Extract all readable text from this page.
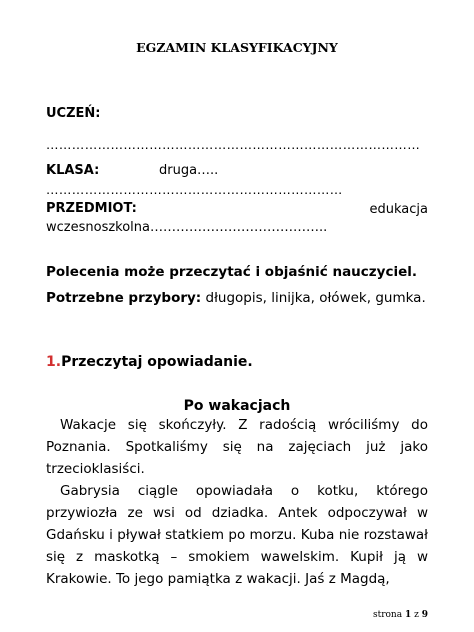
EGZAMIN KLASYFIKACYJNY
UCZEŃ:
……………………………………………………………………………
KLASA:	druga…..
……………………………………………………………
PRZEDMIOT:	edukacja
wczesnoszkolna…………………………………..
Polecenia może przeczytać i objaśnić nauczyciel.
Potrzebne przybory: długopis, linijka, ołówek, gumka.
1.Przeczytaj opowiadanie.
Po wakacjach
Wakacje się skończyły. Z radością wróciliśmy do Poznania. Spotkaliśmy się na zajęciach już jako trzecioklasiści.
Gabrysia ciągle opowiadała o kotku, którego przywiozła ze wsi od dziadka. Antek odpoczywał w Gdańsku i pływał statkiem po morzu. Kuba nie rozstawał się z maskotką – smokiem wawelskim. Kupił ją w Krakowie. To jego pamiątka z wakacji. Jaś z Magdą,
strona 1 z 9
